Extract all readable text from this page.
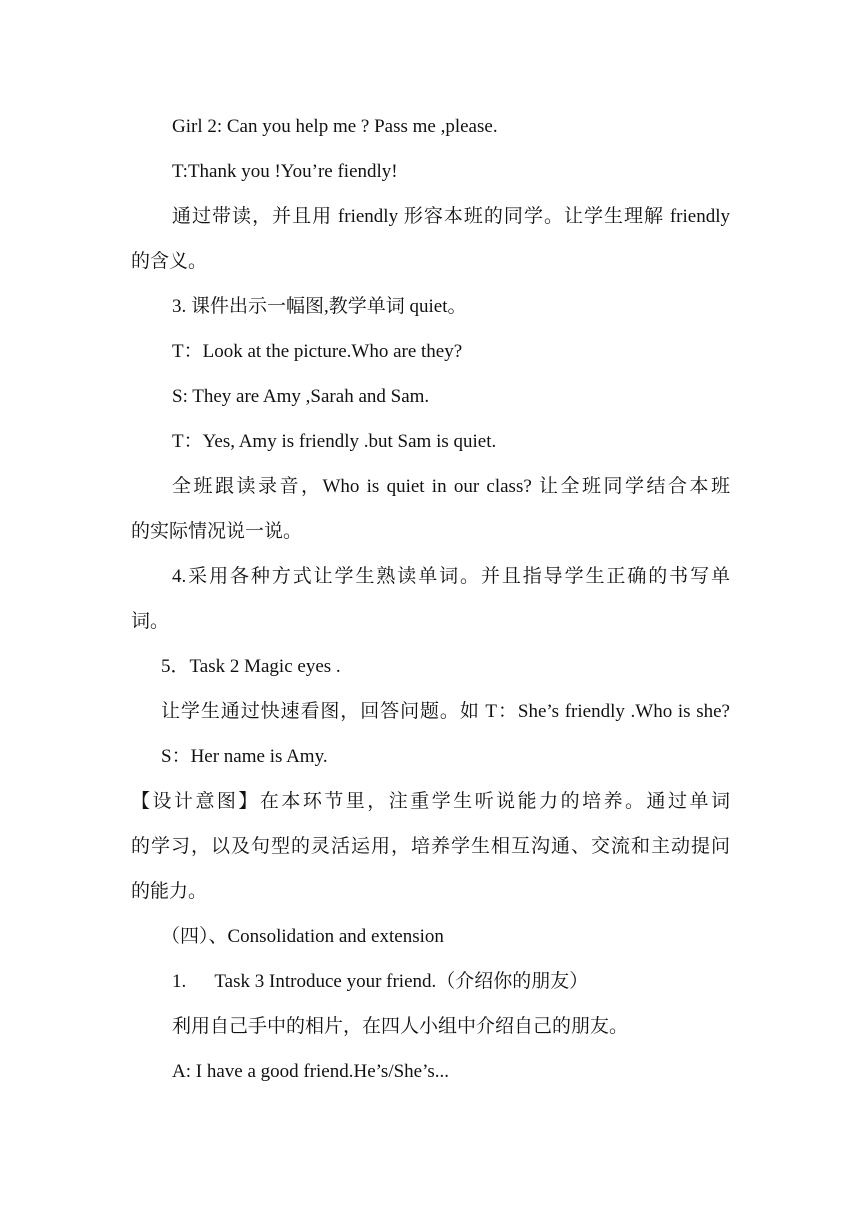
Girl 2: Can you help me ? Pass me ,please.
T:Thank you !You’re fiendly!
通过带读，并且用 friendly 形容本班的同学。让学生理解 friendly
的含义。
3. 课件出示一幅图,教学单词 quiet。
T：Look at the picture.Who are they?
S: They are Amy ,Sarah and Sam.
T：Yes, Amy is friendly .but Sam is quiet.
全班跟读录音，Who is quiet in our class? 让全班同学结合本班
的实际情况说一说。
4.采用各种方式让学生熟读单词。并且指导学生正确的书写单
词。
5．Task 2 Magic eyes .
让学生通过快速看图，回答问题。如 T：She’s friendly .Who is she?
S：Her name is Amy.
【设计意图】在本环节里，注重学生听说能力的培养。通过单词
的学习，以及句型的灵活运用，培养学生相互沟通、交流和主动提问
的能力。
（四）、Consolidation and extension
1.      Task 3 Introduce your friend.（介绍你的朋友）
利用自己手中的相片，在四人小组中介绍自己的朋友。
A: I have a good friend.He’s/She’s...
